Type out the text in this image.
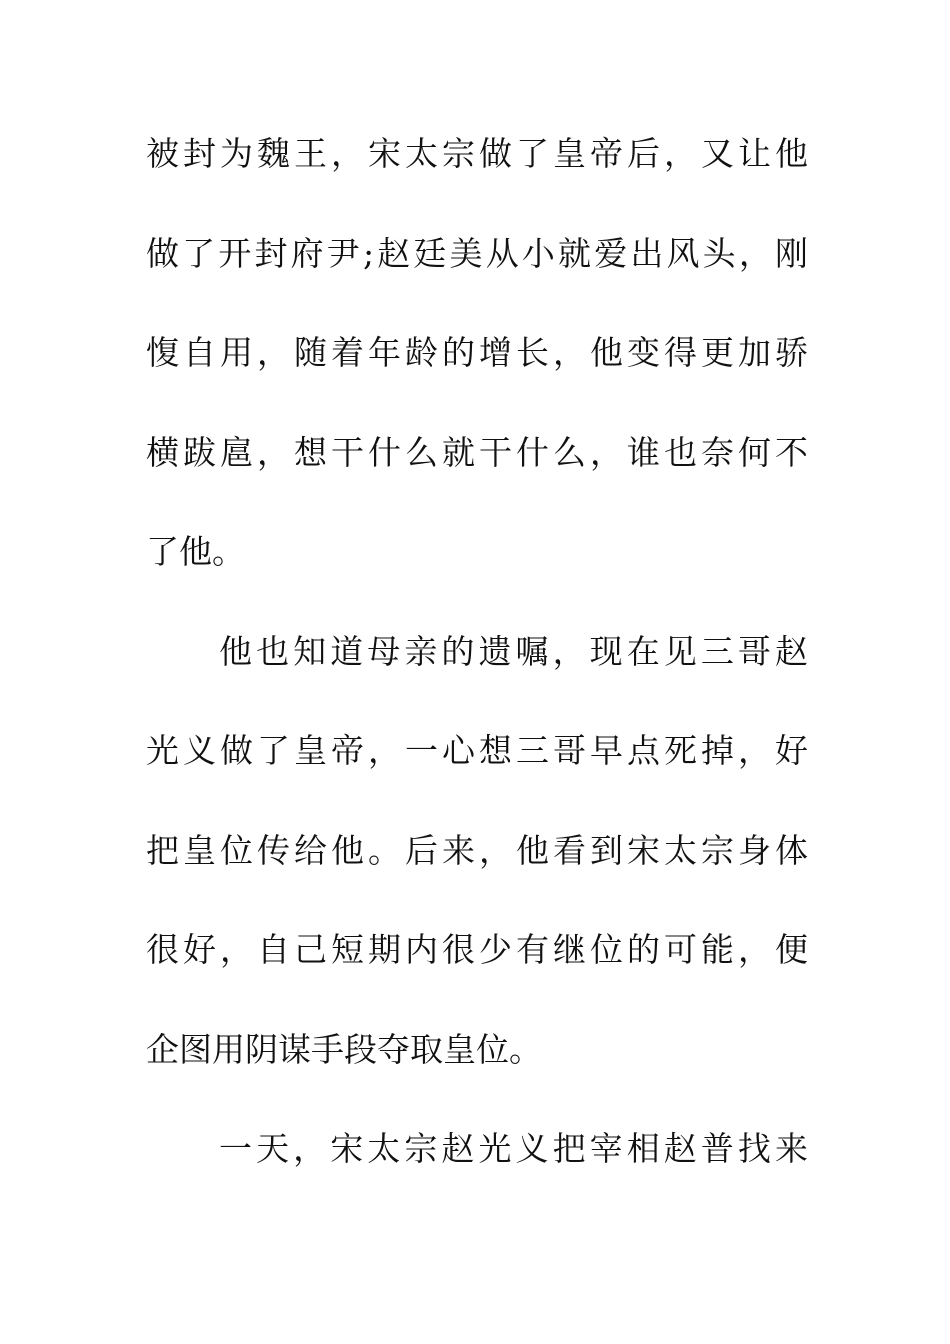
被封为魏王，宋太宗做了皇帝后，又让他
做了开封府尹;赵廷美从小就爱出风头，刚
愎自用，随着年龄的增长，他变得更加骄
横跋扈，想干什么就干什么，谁也奈何不
了他。
他也知道母亲的遗嘱，现在见三哥赵
光义做了皇帝，一心想三哥早点死掉，好
把皇位传给他。后来，他看到宋太宗身体
很好，自己短期内很少有继位的可能，便
企图用阴谋手段夺取皇位。
一天，宋太宗赵光义把宰相赵普找来
